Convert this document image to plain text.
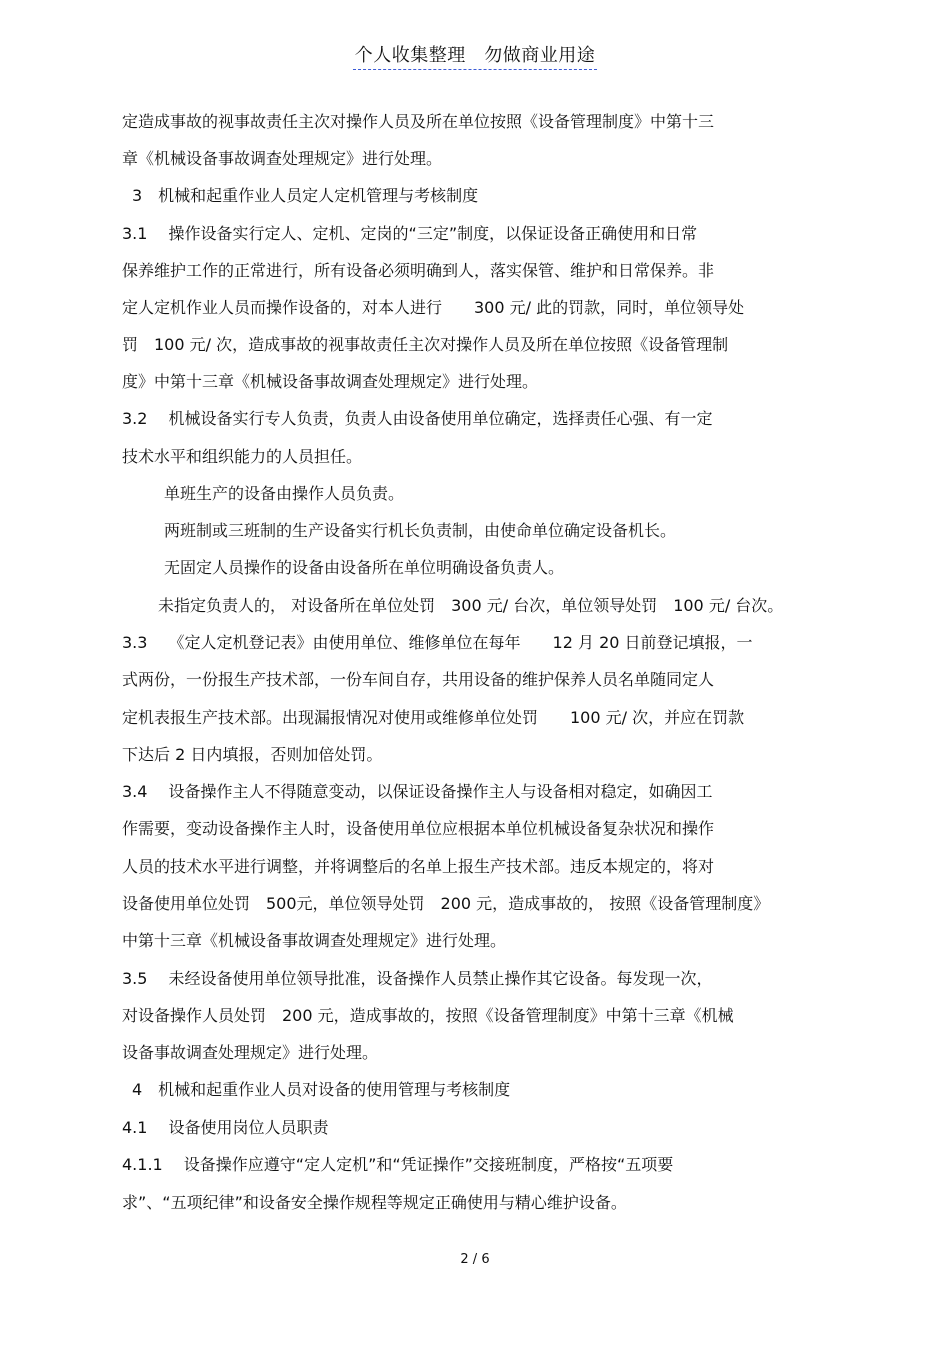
个人收集整理　勿做商业用途
定造成事故的视事故责任主次对操作人员及所在单位按照《设备管理制度》中第十三
章《机械设备事故调查处理规定》进行处理。
3　机械和起重作业人员定人定机管理与考核制度
3.1　 操作设备实行定人、定机、定岗的“三定”制度，以保证设备正确使用和日常
保养维护工作的正常进行，所有设备必须明确到人，落实保管、维护和日常保养。非
定人定机作业人员而操作设备的，对本人进行　　300 元/ 此的罚款，同时，单位领导处
罚　100 元/ 次，造成事故的视事故责任主次对操作人员及所在单位按照《设备管理制
度》中第十三章《机械设备事故调查处理规定》进行处理。
3.2　 机械设备实行专人负责，负责人由设备使用单位确定，选择责任心强、有一定
技术水平和组织能力的人员担任。
单班生产的设备由操作人员负责。
两班制或三班制的生产设备实行机长负责制，由使命单位确定设备机长。
无固定人员操作的设备由设备所在单位明确设备负责人。
未指定负责人的， 对设备所在单位处罚　300 元/ 台次，单位领导处罚　100 元/ 台次。
3.3　 《定人定机登记表》由使用单位、维修单位在每年　　12 月 20 日前登记填报，一
式两份，一份报生产技术部，一份车间自存，共用设备的维护保养人员名单随同定人
定机表报生产技术部。出现漏报情况对使用或维修单位处罚　　100 元/ 次，并应在罚款
下达后 2 日内填报，否则加倍处罚。
3.4　 设备操作主人不得随意变动，以保证设备操作主人与设备相对稳定，如确因工
作需要，变动设备操作主人时，设备使用单位应根据本单位机械设备复杂状况和操作
人员的技术水平进行调整，并将调整后的名单上报生产技术部。违反本规定的，将对
设备使用单位处罚　500元，单位领导处罚　200 元，造成事故的， 按照《设备管理制度》
中第十三章《机械设备事故调查处理规定》进行处理。
3.5　 未经设备使用单位领导批准，设备操作人员禁止操作其它设备。每发现一次，
对设备操作人员处罚　200 元，造成事故的，按照《设备管理制度》中第十三章《机械
设备事故调查处理规定》进行处理。
4　机械和起重作业人员对设备的使用管理与考核制度
4.1　 设备使用岗位人员职责
4.1.1　 设备操作应遵守“定人定机”和“凭证操作”交接班制度，严格按“五项要
求”、“五项纪律”和设备安全操作规程等规定正确使用与精心维护设备。
2 / 6
